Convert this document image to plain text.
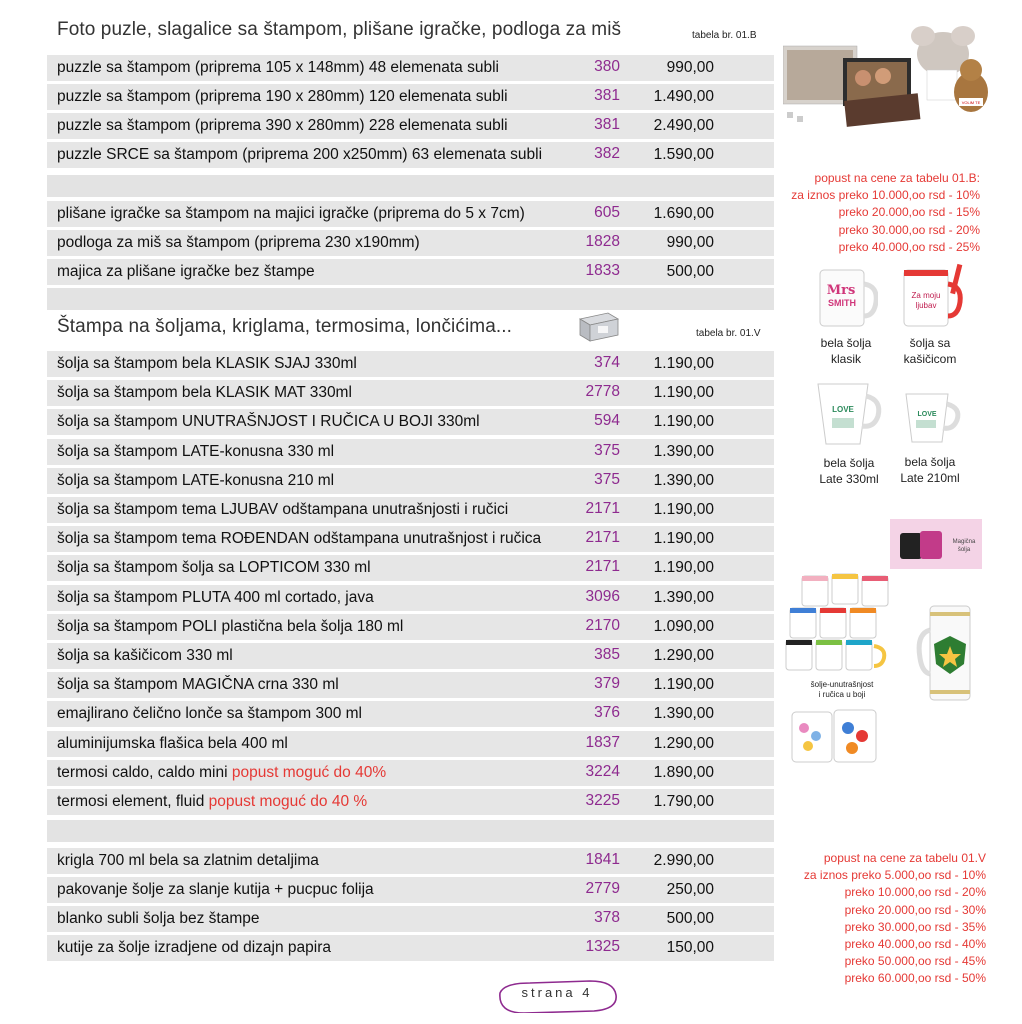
Foto puzle, slagalice sa štampom, plišane igračke, podloga za miš	tabela br. 01.B
puzzle sa štampom (priprema 105 x 148mm) 48 elemenata subli	380	990,00
puzzle sa štampom (priprema 190 x 280mm) 120 elemenata subli	381 1.490,00
puzzle sa štampom (priprema 390 x 280mm) 228 elemenata subli	381 2.490,00
puzzle SRCE sa štampom (priprema 200 x250mm) 63 elemenata subli	382 1.590,00
plišane igračke sa štampom na majici igračke (priprema do 5 x 7cm)	605 1.690,00
podloga za miš sa štampom (priprema 230 x190mm)	1828	990,00
majica za plišane igračke bez štampe	1833	500,00
Štampa na šoljama, kriglama, termosima, lončićima...	tabela br. 01.V
šolja sa štampom bela KLASIK SJAJ 330ml	374 1.190,00
šolja sa štampom bela KLASIK MAT 330ml	2778 1.190,00
šolja sa štampom UNUTRAŠNJOST I RUČICA U BOJI 330ml	594 1.190,00
šolja sa štampom LATE-konusna 330 ml	375 1.390,00
šolja sa štampom LATE-konusna 210 ml	375 1.390,00
šolja sa štampom tema LJUBAV odštampana unutrašnjosti i ručici	2171 1.190,00
šolja sa štampom tema ROĐENDAN odštampana unutrašnjost i ručica	2171 1.190,00
šolja sa štampom šolja sa LOPTICOM 330 ml	2171 1.190,00
šolja sa štampom PLUTA 400 ml cortado, java	3096 1.390,00
šolja sa štampom POLI plastična bela šolja 180 ml	2170 1.090,00
šolja sa kašičicom 330 ml	385 1.290,00
šolja sa štampom MAGIČNA crna 330 ml	379 1.190,00
emajlirano čelično lonče sa štampom 300 ml	376 1.390,00
aluminijumska flašica bela 400 ml	1837 1.290,00
termosi caldo, caldo mini popust moguć do 40%	3224 1.890,00
termosi element, fluid popust moguć do 40 %	3225 1.790,00
krigla 700 ml bela sa zlatnim detaljima	1841 2.990,00
pakovanje šolje za slanje kutija + pucpuc folija	2779	250,00
blanko subli šolja bez štampe	378	500,00
kutije za šolje izradjene od dizajn papira	1325	150,00
popust na cene za tabelu 01.B:
za iznos preko 10.000,oo rsd - 10%
preko 20.000,oo rsd - 15%
preko 30.000,oo rsd - 20%
preko 40.000,oo rsd - 25%
popust na cene za tabelu 01.V
za iznos preko 5.000,oo rsd - 10%
preko 10.000,oo rsd - 20%
preko 20.000,oo rsd - 30%
preko 30.000,oo rsd - 35%
preko 40.000,oo rsd - 40%
preko 50.000,oo rsd - 45%
preko 60.000,oo rsd - 50%
VOLIM TE
Mrs
SMITH
bela šolja
klasik
Za moju
ljubav
šolja sa
kašičicom
LOVE
bela šolja
Late 330ml
LOVE
bela šolja
Late 210ml
Magična
šolja
šolje-unutrašnjost
i ručica u boji
strana 4
